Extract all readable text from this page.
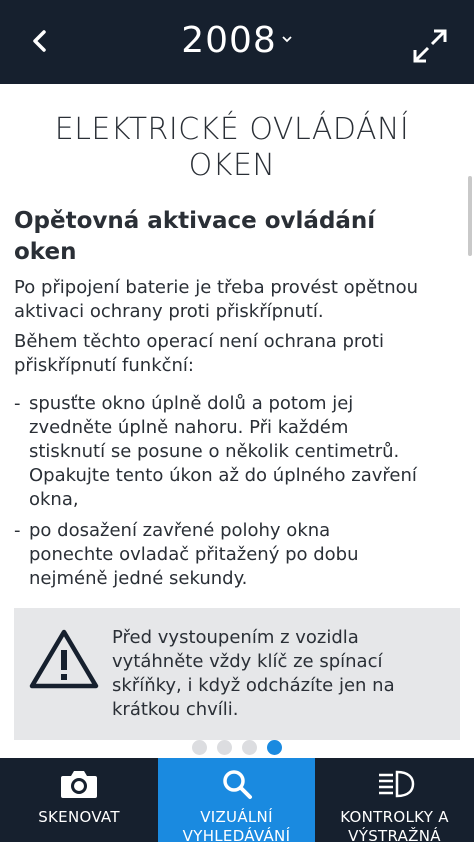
2008
ELEKTRICKÉ OVLÁDÁNÍ
OKEN
Opětovná aktivace ovládání
oken
Po připojení baterie je třeba provést opětnou
aktivaci ochrany proti přiskřípnutí.
Během těchto operací není ochrana proti
přiskřípnutí funkční:
- spusťte okno úplně dolů a potom jej
zvedněte úplně nahoru. Při každém
stisknutí se posune o několik centimetrů.
Opakujte tento úkon až do úplného zavření
okna,
- po dosažení zavřené polohy okna
ponechte ovladač přitažený po dobu
nejméně jedné sekundy.
Před vystoupením z vozidla
vytáhněte vždy klíč ze spínací
skříňky, i když odcházíte jen na
krátkou chvíli.
SKENOVAT	VIZUÁLNÍ
VYHLEDÁVÁNÍ
KONTROLKY A
VÝSTRAŽNÁ
